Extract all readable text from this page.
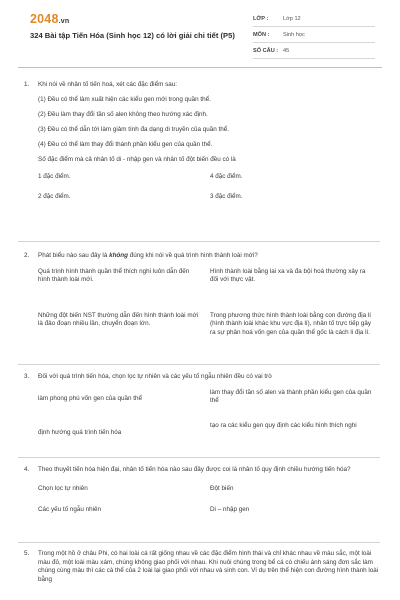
2048.vn
324 Bài tập Tiến Hóa (Sinh học 12) có lời giải chi tiết (P5)
LỚP :	Lớp 12
MÔN : Sinh học
SỐ CÂU : 45
1. Khi nói về nhân tố tiến hoá, xét các đặc điểm sau:
(1) Đều có thể làm xuất hiện các kiểu gen mới trong quần thể.
(2) Đều làm thay đổi tần số alen không theo hướng xác định.
(3) Đều có thể dẫn tới làm giảm tính đa dạng di truyền của quần thể.
(4) Đều có thể làm thay đổi thành phần kiểu gen của quần thể.
Số đặc điểm mà cả nhân tố di - nhập gen và nhân tố đột biến đều có là
1 đặc điểm.	4 đặc điểm.
2 đặc điểm.	3 đặc điểm.
2. Phát biểu nào sau đây là không đúng khi nói về quá trình hình thành loài mới?
Quá trình hình thành quần thể thích nghi luôn dẫn đến hình thành loài mới.
Hình thành loài bằng lai xa và đa bội hoá thường xảy ra đối với thực vật.
Những đột biến NST thường dẫn đến hình thành loài mới là đảo đoạn nhiều lần, chuyển đoạn lớn.
Trong phương thức hình thành loài bằng con đường địa lí (hình thành loài khác khu vực địa lí), nhân tố trực tiếp gây ra sự phân hoá vốn gen của quần thể gốc là cách li địa lí.
3. Đối với quá trình tiến hóa, chọn lọc tự nhiên và các yếu tố ngẫu nhiên đều có vai trò
làm phong phú vốn gen của quần thể
làm thay đổi tần số alen và thành phần kiểu gen của quần thể
định hướng quá trình tiến hóa
tạo ra các kiểu gen quy định các kiểu hình thích nghi
4. Theo thuyết tiến hóa hiện đại, nhân tố tiến hóa nào sau đây được coi là nhân tố quy định chiều hướng tiến hóa?
Chọn lọc tự nhiên	Đột biến
Các yếu tố ngẫu nhiên	Di – nhập gen
5. Trong một hồ ở châu Phi, có hai loài cá rất giống nhau về các đặc điểm hình thái và chỉ khác nhau về màu sắc, một loài màu đỏ, một loài màu xám, chúng không giao phối với nhau. Khi nuôi chúng trong bể cá có chiếu ánh sáng đơn sắc làm chúng cùng màu thì các cá thể của 2 loài lại giao phối với nhau và sinh con. Ví dụ trên thể hiện con đường hình thành loài bằng
